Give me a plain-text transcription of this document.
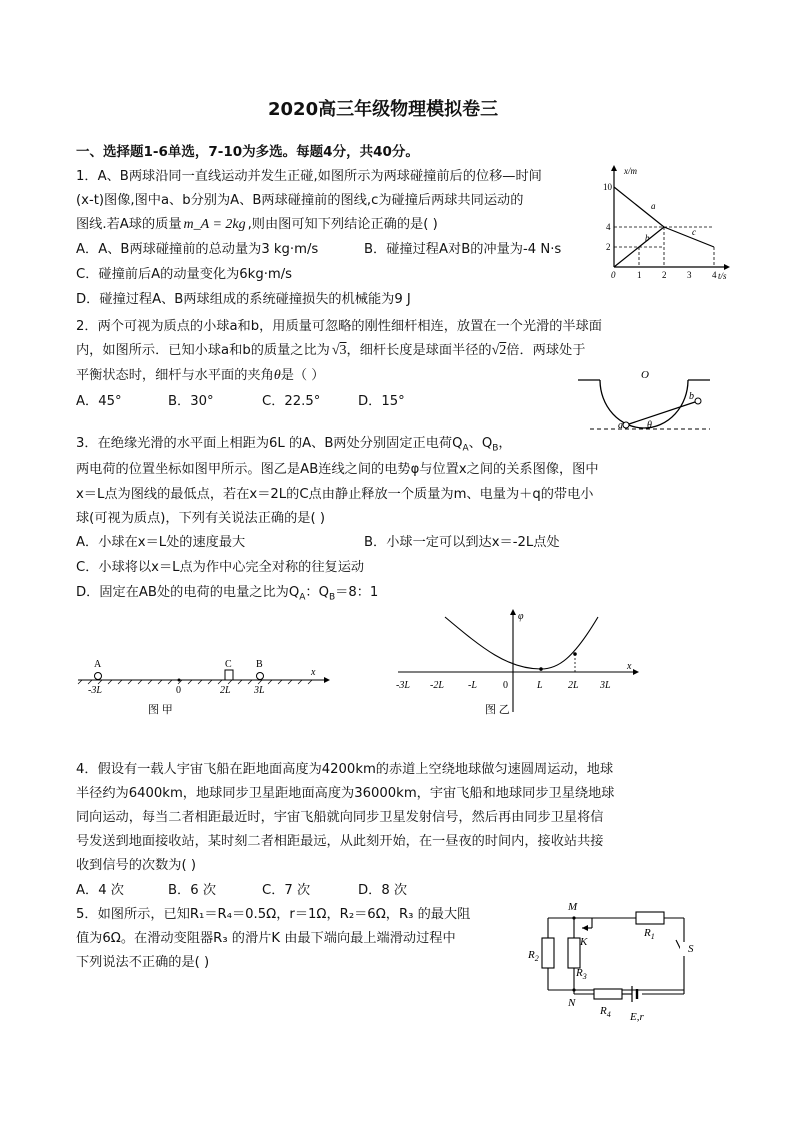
2020高三年级物理模拟卷三
一、选择题1-6单选，7-10为多选。每题4分，共40分。
1．A、B两球沿同一直线运动并发生正碰,如图所示为两球碰撞前后的位移—时间
(x-t)图像,图中a、b分别为A、B两球碰撞前的图线,c为碰撞后两球共同运动的
图线.若A球的质量 m_A = 2kg ,则由图可知下列结论正确的是( )
A．A、B两球碰撞前的总动量为3 kg·m/s	B．碰撞过程A对B的冲量为-4 N·s
C．碰撞前后A的动量变化为6kg·m/s
D．碰撞过程A、B两球组成的系统碰撞损失的机械能为9 J
x/m
t/s
10
4
2
0 1 2 3 4
a
b
c
2．两个可视为质点的小球a和b，用质量可忽略的刚性细杆相连，放置在一个光滑的半球面
内，如图所示．已知小球a和b的质量之比为 √3，细杆长度是球面半径的√2倍．两球处于
平衡状态时，细杆与水平面的夹角θ是（ ）
A．45°	B．30°	C．22.5°	D．15°
O
a
b
θ
3．在绝缘光滑的水平面上相距为6L 的A、B两处分别固定正电荷$Q_A$、$Q_B$，
两电荷的位置坐标如图甲所示。图乙是AB连线之间的电势φ与位置x之间的关系图像，图中
x＝L点为图线的最低点，若在x＝2L的C点由静止释放一个质量为m、电量为＋q的带电小
球(可视为质点)，下列有关说法正确的是( )
A．小球在x＝L处的速度最大	B．小球一定可以到达x＝-2L点处
C．小球将以x＝L点为作中心完全对称的往复运动
D．固定在AB处的电荷的电量之比为$Q_A$：$Q_B=8$：1
A	C B
x
-3L	0	2L 3L
图 甲
φ
x
-3L -2L -L	0	L	2L 3L
图 乙
4．假设有一载人宇宙飞船在距地面高度为4200km的赤道上空绕地球做匀速圆周运动，地球
半径约为6400km，地球同步卫星距地面高度为36000km，宇宙飞船和地球同步卫星绕地球
同向运动，每当二者相距最近时，宇宙飞船就向同步卫星发射信号，然后再由同步卫星将信
号发送到地面接收站，某时刻二者相距最远，从此刻开始，在一昼夜的时间内，接收站共接
收到信号的次数为( )
A．4 次	B．6 次	C．7 次	D．8 次
5．如图所示，已知R₁＝R₄＝0.5Ω，r＝1Ω，R₂＝6Ω，R₃ 的最大阻
值为6Ω。在滑动变阻器R₃ 的滑片K 由最下端向最上端滑动过程中
下列说法不正确的是( )
M
N
K
$R_1$
$R_2$
$R_3$
$R_4$
S
E,r
